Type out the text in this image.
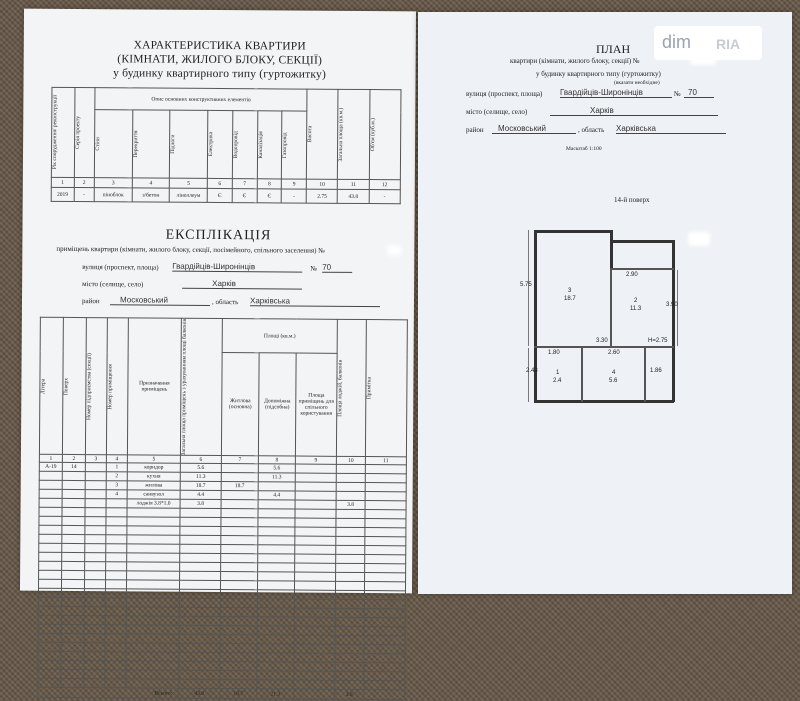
ХАРАКТЕРИСТИКА КВАРТИРИ
(КІМНАТИ, ЖИЛОГО БЛОКУ, СЕКЦІЇ)
у будинку квартирного типу (гуртожитку)
Рік спорудження/ реконструкції	Серія проекту	Опис основних конструктивних елементів							Висота	Загальна площа (кв.м.)	Об'єм (куб.м.)

		Стіни	Перекриття	Підлоги	Електрика	Водопровід	Каналізація	Газопровід			

1	2	3	4	5	6	7	8	9	10	11	12
2019	-	піноблок	з/бетон	ліноллеум	Є	Є	Є	-	2.75	43.8	-
ЕКСПЛІКАЦІЯ
приміщень квартири (кімнати, жилого блоку, секції, посімейного, спільного заселення) №
вулиця (проспект, площа) Гвардійців-Широнінців	№ 70
місто (селище, село)	Харків
район	Московський	, область Харківська
Літера	Поверх	Номер підприємства (секції)	Номер приміщення	Призначення приміщень	Загальна площа приміщень з урахуванням площі балконів	Площі (кв.м.)			Площа лоджій, балконів	Примітка

						Житлова (основна)	Допоміжна (підсобна)	Площа приміщень для спільного користування		
1	2	3	4	5	6	7	8	9	10	11
А-19	14		1	коридор	5.6		5.6			
			2	кухня	11.3		11.3			
			3	жилова	18.7	18.7				
			4	санвузол	4.4		4.4			
				лоджія 3.8*1.0	3.8				3.8	

Всього:					43.8	18.7	21.3		3.8	
ПЛАН
квартири (кімнати, жилого блоку, секції) №
у будинку квартирного типу (гуртожитку)
(вказати необхідне)
вулиця (проспект, площа) Гвардійців-Широнінців	№ 70
місто (селище, село)	Харків
район	Московський	, область Харківська
Масштаб 1:100
14-й поверх
5.75
2.90
3.90
3.30	H=2.75
1.80	2.60
2.43	1.86
3
18.7	2
11.3
1
2.4
4
5.6
dim RIA
